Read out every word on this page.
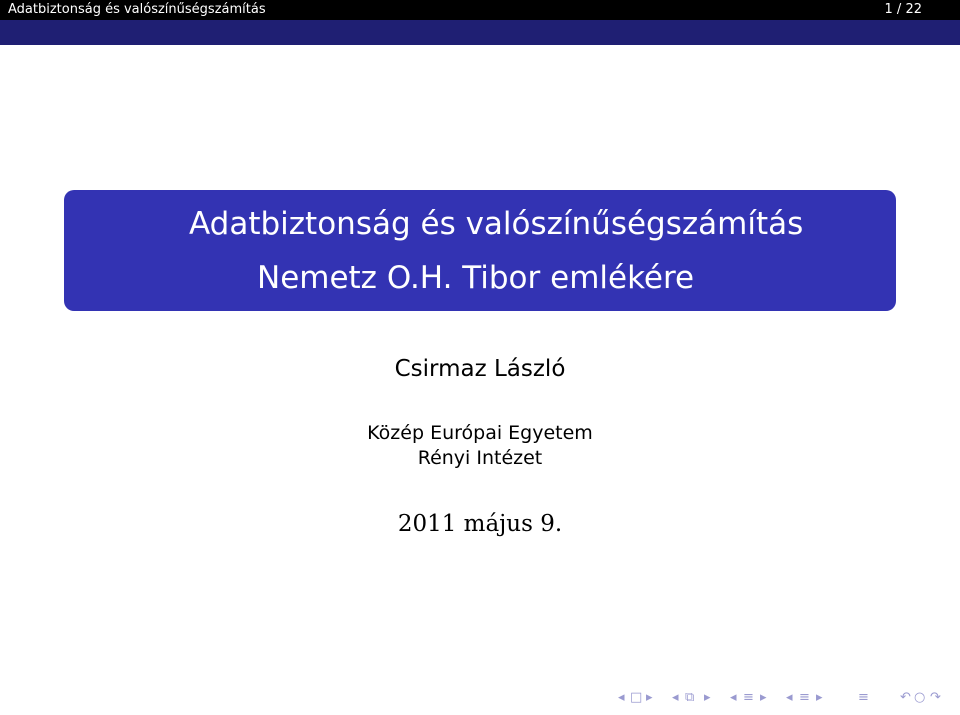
Adatbiztonság és valószínűségszámítás	1 / 22
Adatbiztonság és valószínűségszámítás
Nemetz O.H. Tibor emlékére
Csirmaz László
Közép Európai Egyetem
Rényi Intézet
2011 május 9.
◂ □ ▸ ◂ ⧉ ▸ ◂ ≡ ▸ ◂ ≡ ▸	≡ ↶ ○ ↷
